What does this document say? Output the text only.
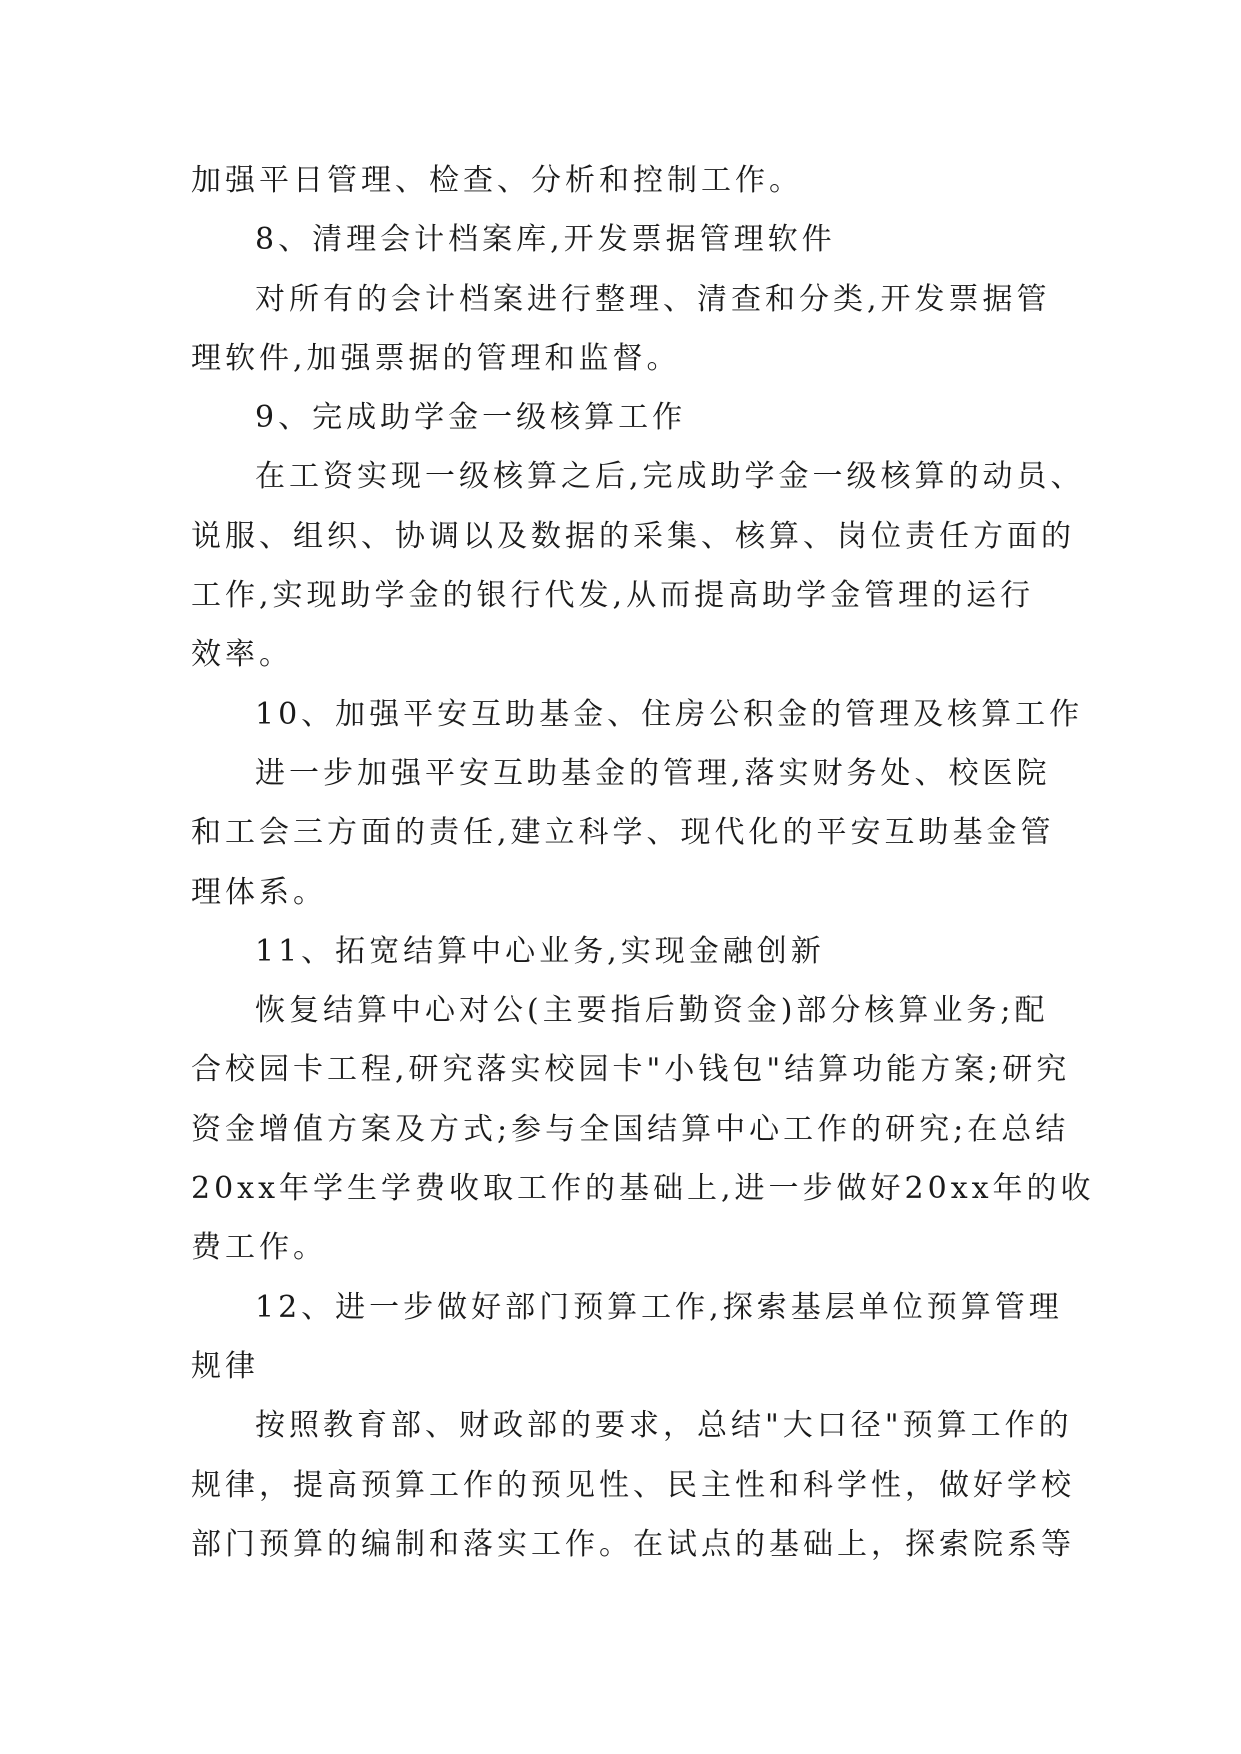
加强平日管理、检查、分析和控制工作。
8、清理会计档案库,开发票据管理软件
对所有的会计档案进行整理、清查和分类,开发票据管
理软件,加强票据的管理和监督。
9、完成助学金一级核算工作
在工资实现一级核算之后,完成助学金一级核算的动员、
说服、组织、协调以及数据的采集、核算、岗位责任方面的
工作,实现助学金的银行代发,从而提高助学金管理的运行
效率。
10、加强平安互助基金、住房公积金的管理及核算工作
进一步加强平安互助基金的管理,落实财务处、校医院
和工会三方面的责任,建立科学、现代化的平安互助基金管
理体系。
11、拓宽结算中心业务,实现金融创新
恢复结算中心对公(主要指后勤资金)部分核算业务;配
合校园卡工程,研究落实校园卡"小钱包"结算功能方案;研究
资金增值方案及方式;参与全国结算中心工作的研究;在总结
20xx年学生学费收取工作的基础上,进一步做好20xx年的收
费工作。
12、进一步做好部门预算工作,探索基层单位预算管理
规律
按照教育部、财政部的要求，总结"大口径"预算工作的
规律，提高预算工作的预见性、民主性和科学性，做好学校
部门预算的编制和落实工作。在试点的基础上，探索院系等
